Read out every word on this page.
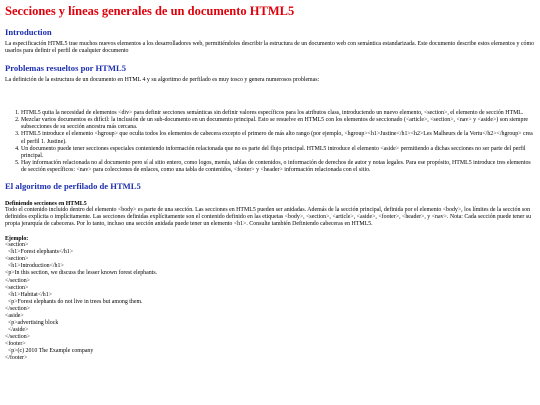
Secciones y líneas generales de un documento HTML5
Introduction

La especificación HTML5 trae muchos nuevos elementos a los desarrolladores web, permitiéndoles describir la estructura de un documento web con semántica estandarizada. Este documento describe estos elementos y cómo usarlos para definir el perfil de cualquier documento

Problemas resueltos por HTML5

La definición de la estructura de un documento en HTML 4 y su algoritmo de perfilado es muy tosco y genera numerosos problemas:

1. HTML5 quita la necesidad de elementos <div> para definir secciones semánticas sin definir valores específicos para los atributos class, introduciendo un nuevo elemento, <section>, el elemento de sección HTML.
2. Mezclar varios documentos es difícil: la inclusión de un sub-documento en un documento principal. Esto se resuelve en HTML5 con los elementos de seccionado (<article>, <section>, <nav> y <aside>) son siempre subsecciones de su sección ancestra más cercana.
3. HTML5 introduce el elemento <hgroup> que oculta todos los elementos de cabecera excepto el primero de más alto rango (por ejemplo, <hgroup><h1>Justine</h1><h2>Les Malheurs de la Vertu</h2></hgroup> crea el perfil 1. Justine).
4. Un documento puede tener secciones especiales conteniendo información relacionada que no es parte del flujo principal. HTML5 introduce el elemento <aside> permitiendo a dichas secciones no ser parte del perfil principal.
5. Hay información relacionada no al documento pero sí al sitio entero, como logos, menús, tablas de contenidos, o información de derechos de autor y notas legales. Para ese propósito, HTML5 introduce tres elementos de sección específicos: <nav> para colecciones de enlaces, como una tabla de contenidos, <footer> y <header> información relacionada con el sitio.
El algoritmo de perfilado de HTML5
Definiendo secciones en HTML5

Todo el contenido incluido dentro del elemento <body> es parte de una sección. Las secciones en HTML5 pueden ser anidadas. Además de la sección principal, definida por el elemento <body>, los límites de la sección son definidos explícita o implícitamente. Las secciones definidas explícitamente son el contenido definido en las etiquetas <body>, <section>, <article>, <aside>, <footer>, <header>, y <nav>. Nota: Cada sección puede tener su propia jerarquía de cabeceras. Por lo tanto, incluso una sección anidada puede tener un elemento <h1>. Consulte también Definiendo cabeceras en HTML5.

Ejemplo:
<section>
<h1>Forest elephants</h1>
<section>
<h1>Introduction</h1>
<p>In this section, we discuss the lesser known forest elephants.
</section>
<section>
<h1>Habitat</h1>
<p>Forest elephants do not live in trees but among them.
</section>
<aside>
<p>advertising block
</aside>
</section>
<footer>
<p>(c) 2010 The Example company
</footer>
